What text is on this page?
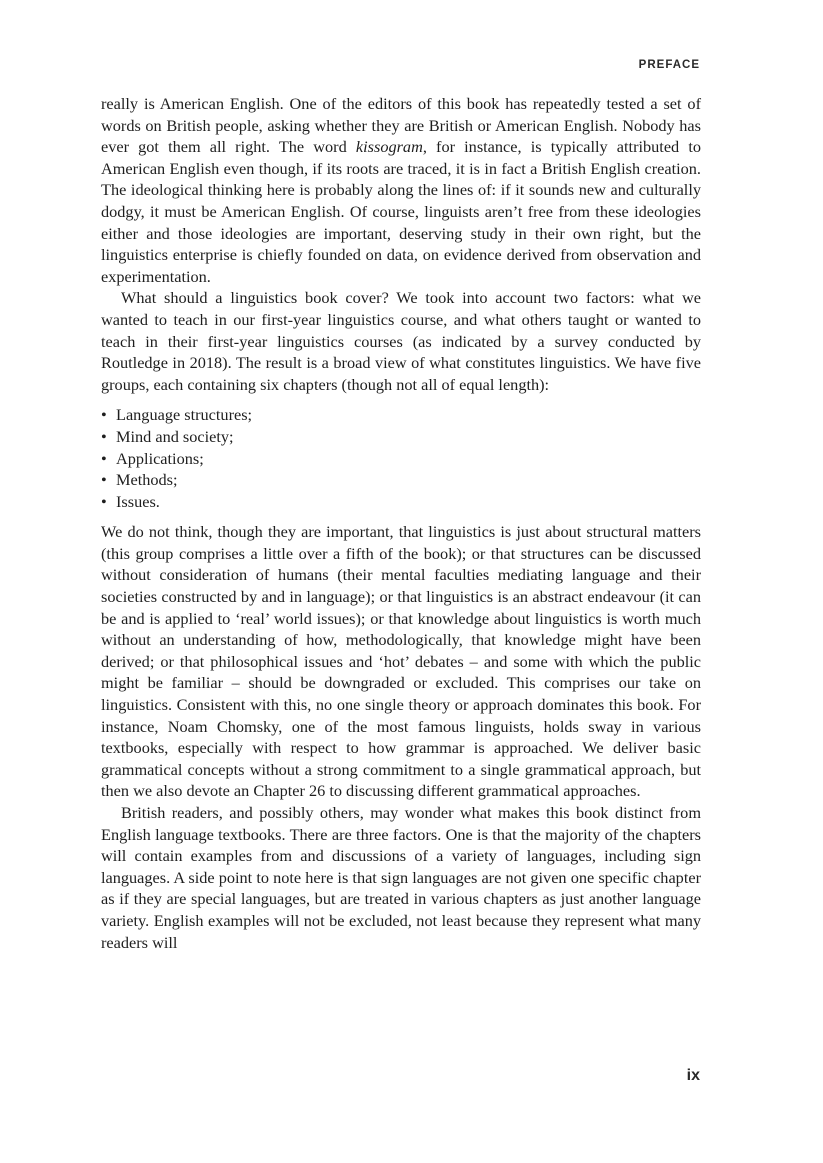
PREFACE

really is American English. One of the editors of this book has repeatedly tested a set of words on British people, asking whether they are British or American English. Nobody has ever got them all right. The word kissogram, for instance, is typically attributed to American English even though, if its roots are traced, it is in fact a British English creation. The ideological thinking here is probably along the lines of: if it sounds new and culturally dodgy, it must be American English. Of course, linguists aren’t free from these ideologies either and those ideologies are important, deserving study in their own right, but the linguistics enterprise is chiefly founded on data, on evidence derived from observation and experimentation.

What should a linguistics book cover? We took into account two factors: what we wanted to teach in our first-year linguistics course, and what others taught or wanted to teach in their first-year linguistics courses (as indicated by a survey conducted by Routledge in 2018). The result is a broad view of what constitutes linguistics. We have five groups, each containing six chapters (though not all of equal length):

• Language structures;
• Mind and society;
• Applications;
• Methods;
• Issues.

We do not think, though they are important, that linguistics is just about structural matters (this group comprises a little over a fifth of the book); or that structures can be discussed without consideration of humans (their mental faculties mediating language and their societies constructed by and in language); or that linguistics is an abstract endeavour (it can be and is applied to ‘real’ world issues); or that knowledge about linguistics is worth much without an understanding of how, methodologically, that knowledge might have been derived; or that philosophical issues and ‘hot’ debates – and some with which the public might be familiar – should be downgraded or excluded. This comprises our take on linguistics. Consistent with this, no one single theory or approach dominates this book. For instance, Noam Chomsky, one of the most famous linguists, holds sway in various textbooks, especially with respect to how grammar is approached. We deliver basic grammatical concepts without a strong commitment to a single grammatical approach, but then we also devote an Chapter 26 to discussing different grammatical approaches.

British readers, and possibly others, may wonder what makes this book distinct from English language textbooks. There are three factors. One is that the majority of the chapters will contain examples from and discussions of a variety of languages, including sign languages. A side point to note here is that sign languages are not given one specific chapter as if they are special languages, but are treated in various chapters as just another language variety. English examples will not be excluded, not least because they represent what many readers will

ix
